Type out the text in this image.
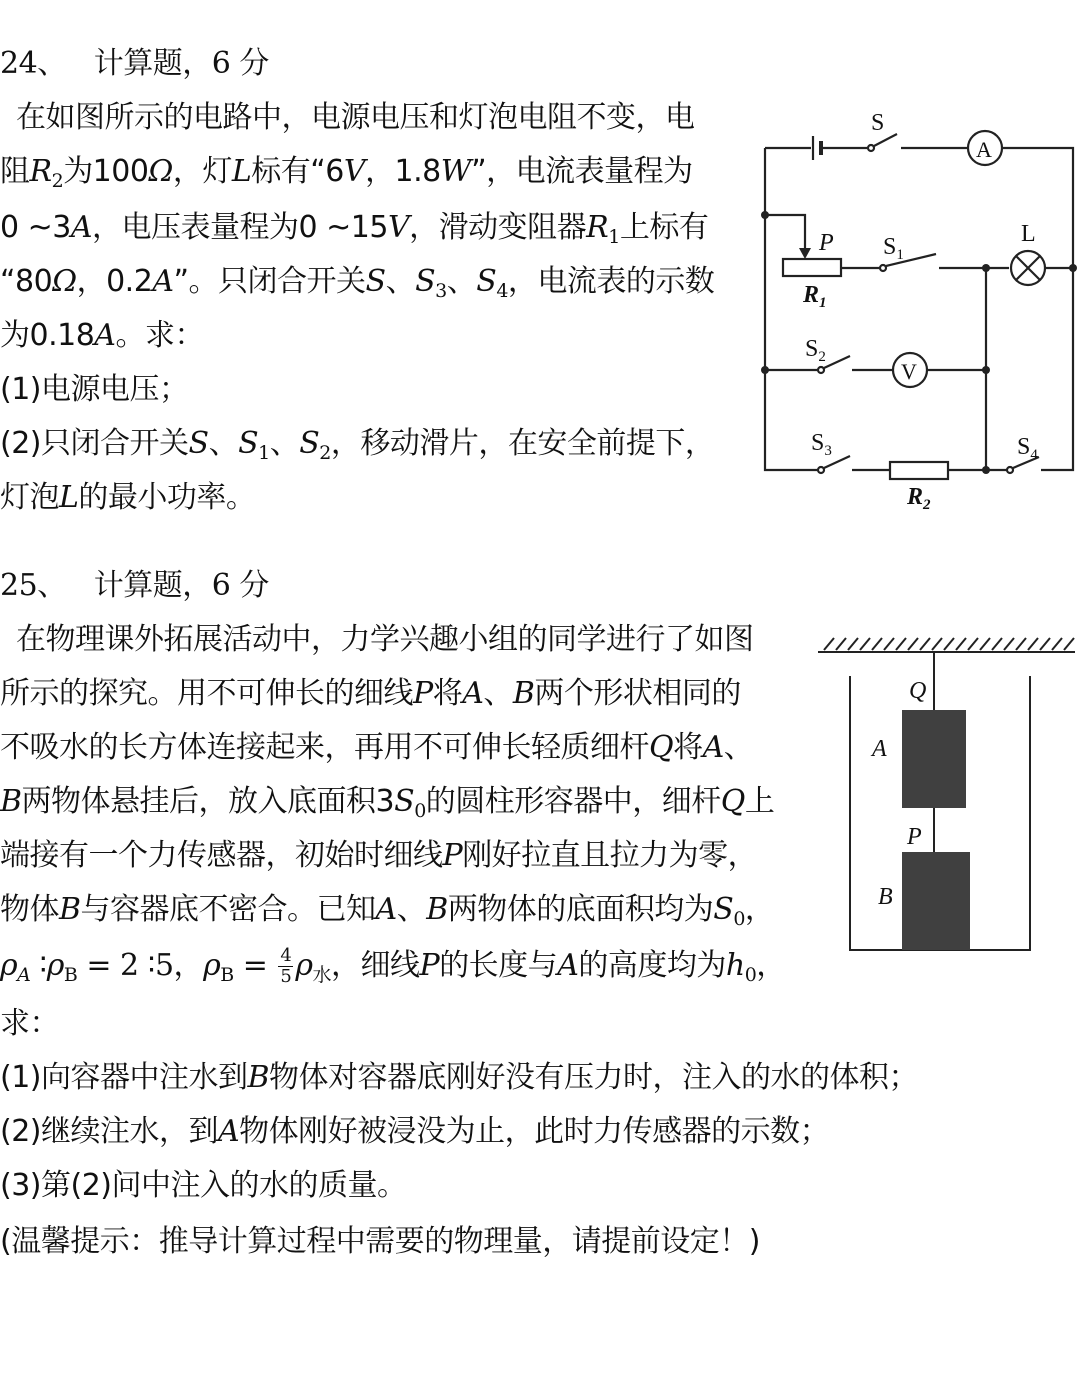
24、 计算题，6 分
在如图所示的电路中，电源电压和灯泡电阻不变，电
阻$R_2$为100Ω，灯L标有“6V，1.8W”，电流表量程为
0 ~3A，电压表量程为0 ~15V，滑动变阻器$R_1$上标有
“80Ω，0.2A”。只闭合开关S、$S_3$、$S_4$，电流表的示数
为0.18A。求：
(1)电源电压；
(2)只闭合开关S、$S_1$、$S_2$，移动滑片，在安全前提下，
灯泡L的最小功率。
S
A
P
$R_1$
$S_1$
L
$S_2$
V
$S_3$
$R_2$
$S_4$
25、 计算题，6 分
在物理课外拓展活动中，力学兴趣小组的同学进行了如图
所示的探究。用不可伸长的细线P将A、B两个形状相同的
不吸水的长方体连接起来，再用不可伸长轻质细杆Q将A、
B两物体悬挂后，放入底面积$3S_0$的圆柱形容器中，细杆Q上
端接有一个力传感器，初始时细线P刚好拉直且拉力为零，
物体B与容器底不密合。已知A、B两物体的底面积均为$S_0$，
$\rho_A$ $∶\rho_B = 2$ ∶5，$\rho_B = \frac{4}{5} \rho_水$，细线P的长度与A的高度均为$h_0$，
求：
(1)向容器中注水到B物体对容器底刚好没有压力时，注入的水的体积；
(2)继续注水，到A物体刚好被浸没为止，此时力传感器的示数；
(3)第(2)问中注入的水的质量。
(温馨提示：推导计算过程中需要的物理量，请提前设定！)
Q
A
P
B
